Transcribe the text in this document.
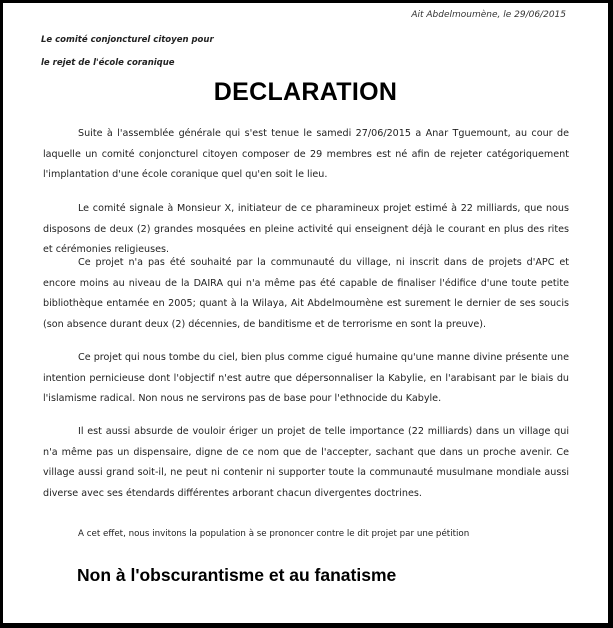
Ait Abdelmoumène, le 29/06/2015
Le comité conjoncturel citoyen pour
le rejet de l'école coranique
DECLARATION

Suite à l'assemblée générale qui s'est tenue le samedi 27/06/2015 a Anar Tguemount, au cour de laquelle un comité conjoncturel citoyen composer de 29 membres est né afin de rejeter catégoriquement l'implantation d'une école coranique quel qu'en soit le lieu.

Le comité signale à Monsieur X, initiateur de ce pharamineux projet estimé à 22 milliards, que nous disposons de deux (2) grandes mosquées en pleine activité qui enseignent déjà le courant en plus des rites et cérémonies religieuses.

Ce projet n'a pas été souhaité par la communauté du village, ni inscrit dans de projets d'APC et encore moins au niveau de la DAIRA qui n'a même pas été capable de finaliser l'édifice d'une toute petite bibliothèque entamée en 2005; quant à la Wilaya, Ait Abdelmoumène est surement le dernier de ses soucis (son absence durant deux (2) décennies, de banditisme et de terrorisme en sont la preuve).

Ce projet qui nous tombe du ciel, bien plus comme cigué humaine qu'une manne divine présente une intention pernicieuse dont l'objectif n'est autre que dépersonnaliser la Kabylie, en l'arabisant par le biais du l'islamisme radical. Non nous ne servirons pas de base pour l'ethnocide du Kabyle.

Il est aussi absurde de vouloir ériger un projet de telle importance (22 milliards) dans un village qui n'a même pas un dispensaire, digne de ce nom que de l'accepter, sachant que dans un proche avenir. Ce village aussi grand soit-il, ne peut ni contenir ni supporter toute la communauté musulmane mondiale aussi diverse avec ses étendards différentes arborant chacun divergentes doctrines.

A cet effet, nous invitons la population à se prononcer contre le dit projet par une pétition

Non à l'obscurantisme et au fanatisme
